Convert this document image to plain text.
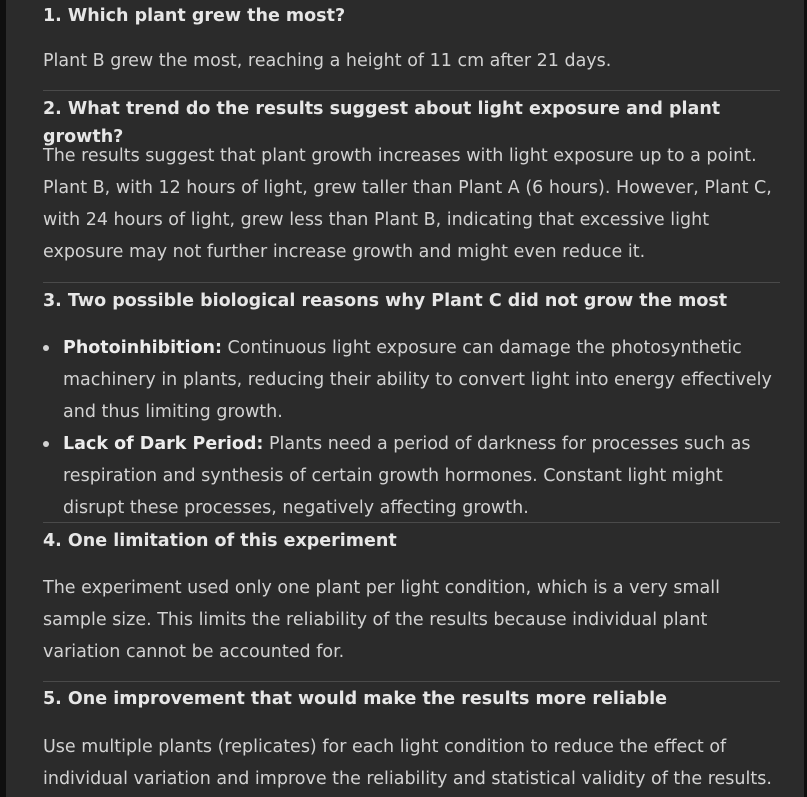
1. Which plant grew the most?

Plant B grew the most, reaching a height of 11 cm after 21 days.

2. What trend do the results suggest about light exposure and plant growth?

The results suggest that plant growth increases with light exposure up to a point. Plant B, with 12 hours of light, grew taller than Plant A (6 hours). However, Plant C, with 24 hours of light, grew less than Plant B, indicating that excessive light exposure may not further increase growth and might even reduce it.

3. Two possible biological reasons why Plant C did not grow the most
Photoinhibition: Continuous light exposure can damage the photosynthetic machinery in plants, reducing their ability to convert light into energy effectively and thus limiting growth.
Lack of Dark Period: Plants need a period of darkness for processes such as respiration and synthesis of certain growth hormones. Constant light might disrupt these processes, negatively affecting growth.
4. One limitation of this experiment

The experiment used only one plant per light condition, which is a very small sample size. This limits the reliability of the results because individual plant variation cannot be accounted for.

5. One improvement that would make the results more reliable

Use multiple plants (replicates) for each light condition to reduce the effect of individual variation and improve the reliability and statistical validity of the results.
